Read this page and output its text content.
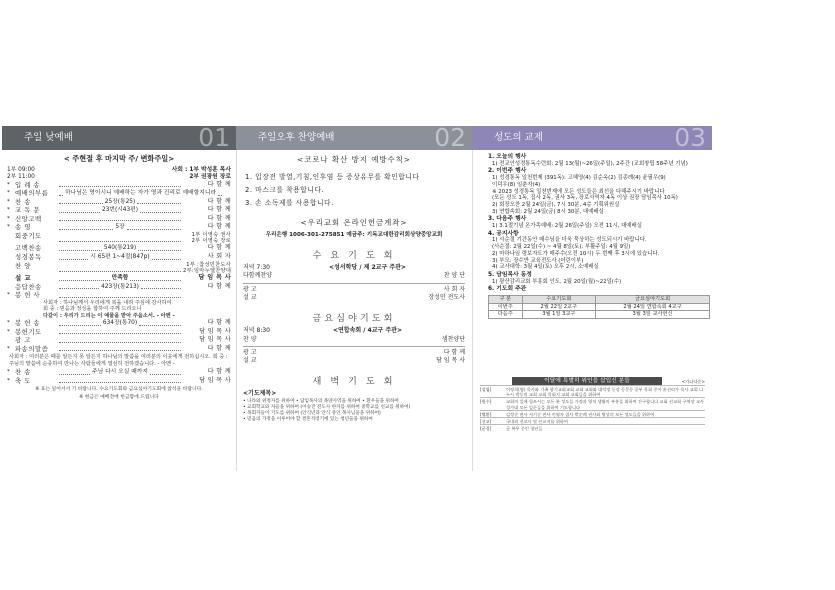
주일 낮예배	01
< 주현절 후 마지막 주/ 변화주일>
1부 09:00	사회 : 1부 박성훈 목사
2부 11:00	2부 권광원 장로
* 입 례 송	다 함 께
* 예배의부름	하나님은 영이시니 예배하는 자가 영과 진리로 예배할지니라
* 찬 송	25장(통25)	다 함 께
* 교 독 문	23번(시43편)	다 함 께
* 신앙고백	다 함 께
* 송 영	5장	다 함 께
회중기도	1부 이영숙 권사
2부 이영숙 장로
고백찬송	540(통219)	다 함 께
성경봉독	시 65편 1~4절(847p)	사 회 자
찬 양	1부 :참성민찬도사
2부:임마누엘찬양대
설 교	만족함	담 임 목 사
응답찬송	423장(통213)	다 함 께
* 봉 헌 사
사회자 : 하나님께서 우리에게 복을 내려 주심에 감사하여
회 중 : 믿음과 정성을 합하여 주께 드리오니
다같이 : 우리가 드리는 이 예물을 받아 주옵소서. - 아멘 -
* 봉 헌 송	634장(통70)	다 함 께
* 봉헌기도	담 임 목 사
광 고	담 임 목 사
* 파송의말씀	다 함 께
사회자 : 여러분은 때를 알든지 못 알든지 하나님의 말씀을 여러분의 이웃에게 전하십시오. 회 중 : 주님의 말씀에 순종하여 만나는 사람들에게 열심히 전하겠습니다. - 아멘 -
* 찬 송	주님 다시 오실 때까지	다 함 께
* 축 도	담 임 목 사
※ 표는 일어서서 기 바랍니다. 수요기도회와 금요심야기도회에 참석을 바랍니다.
※ 현금은 예배전에 헌금함에 드립니다
주일오후 찬양예배	02
<코로나 확산 방지 예방수칙>
1. 입장전 발열,기침,인후염 등 증상유무를 확인합니다
2. 마스크를 착용합니다.
3. 손 소독제를 사용합니다.
<우리교회 온라인헌금계좌>
우리은행 1006-301-275851 예금주: 기독교대한감리회상양중앙교회
수 요 기 도 회
저녁 7:30	<성서학당 / 제 2교구 주관>
다함께찬양	찬 양 단
광 고	사 회 자
설 교	장성민 전도사
금요심야기도회
저녁 8:30	<연합속회 / 4교구 주관>
찬 양	샘찬양단
광 고	다 함 께
설 교	담 임 목 사
새 벽 기 도 회
<기도제목>
• 나라와 위정자를 위하여 • 담임목사의 목양사역을 위하여 • 환우들을 위하여
• 교회학교와 자들을 위하여 (이승진 전도사 한자를 위하여 중학교를 선교를 위하여)
• 목회자들이 기도를 위하여 (안식년과 안식 중인 목사님들을 위하여)
• 믿음의 가정을 이루어야 할 결혼적령기에 있는 청년들을 위하여
성도의 교제	03
1. 오늘의 행사
1) 전교인성경통독수련회: 2월 13(월)~26일(주일), 2주간 (교회창립 58주년 기념)
2. 이번주 행사
1) 성경통독 일천번제 (391독): 고혜영(4) 김순옥(2) 김종례(4) 윤필우(9)
이덕우(8) 임춘자(4)
※ 2023 성경통독 일천번제에 모든 성도들은 최선을 다해주시기 바랍니다
(모든 성도 1독, 집사 2독, 권사 3독, 장로사역자 4독 이상 권장 담임목사 10독)
2) 회장오찬 2월 24일(금), 7시 30분, 4층 기획위원실
3) 연합속회: 2월 24일(금) 8시 30분, 대예배실
3. 다음주 행사
1) 3.1절기념 온가족예배: 2월 26일(주일) 오전 11시, 대예배실
4. 공지사항
1) 사순절 기간동안 매수님을 더욱 묵상하는 성도되시기 바랍니다.
(사순절: 2월 22일(수) ~ 4월 8일(토), 부활주일: 4월 9일)
2) 마하나임 령보자도가 매주수(오전 10시) 두 번째 후 3시에 있습니다.
3) 부모: 장수반 교육전도사 (어린이부)
4) 교사대학: 3월 4일(토) 오후 2시, 소예배실
5. 담임목사 동정
1) 광산감리교회 부흥회 인도, 2월 20일(월)~22일(수)
6. 기도회 주관
구 분	수요기도회	금요심야기도회
이번주	2월 22일 2교구	2월 24일 연합속회 4교구
다음주	3월 1일 3교구	3월 3일 교사헌신
이달에 특별히 위인을 삽입신 분들	<가나다순>
[설립]	이정희(영) 목사와 가족 향기교회교회 교회 교회와 대덕정 동강 동문동 공부 목회 중이 윤선리가 목사 교회 나누시 박동의 교회 교회 목회지 교회 교회들을 위하여
[원수]	교회의 일에 힘쓰시는 모든 분 성도들 가정과 영적 생활의 부흥을 위하여 간구합니다 교회 선교회 구역장 교사 성가대 모든 일꾼들을 위하여 기도합니다
[병환]	김정순 권사 서기순 권사 이영자 집사 박순례 권사와 병상의 모든 성도들을 위하여
[선교]	국내외 선교사 및 선교지를 위하여
[군경]	군 복무 중인 청년들
